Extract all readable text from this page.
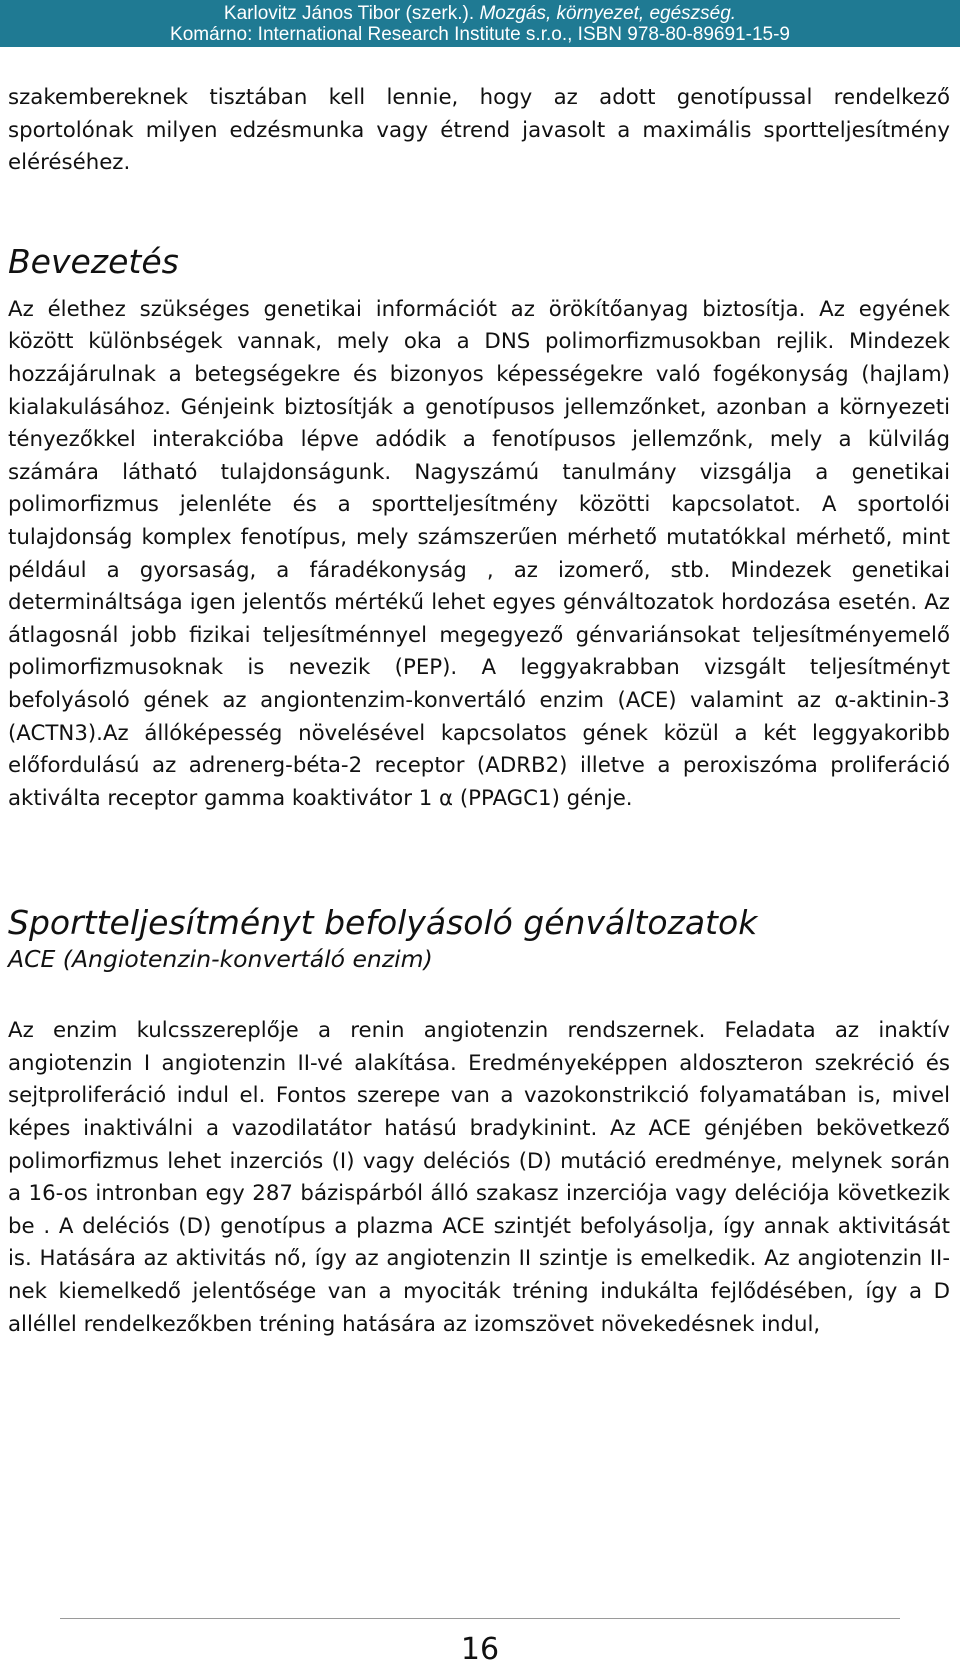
Karlovitz János Tibor (szerk.). Mozgás, környezet, egészség.
Komárno: International Research Institute s.r.o., ISBN 978-80-89691-15-9

szakembereknek tisztában kell lennie, hogy az adott genotípussal rendelkező sportolónak milyen edzésmunka vagy étrend javasolt a maximális sportteljesítmény eléréséhez.

Bevezetés

Az élethez szükséges genetikai információt az örökítőanyag biztosítja. Az egyének között különbségek vannak, mely oka a DNS polimorfizmusokban rejlik. Mindezek hozzájárulnak a betegségekre és bizonyos képességekre való fogékonyság (hajlam) kialakulásához. Génjeink biztosítják a genotípusos jellemzőnket, azonban a környezeti tényezőkkel interakcióba lépve adódik a fenotípusos jellemzőnk, mely a külvilág számára látható tulajdonságunk. Nagyszámú tanulmány vizsgálja a genetikai polimorfizmus jelenléte és a sportteljesítmény közötti kapcsolatot. A sportolói tulajdonság komplex fenotípus, mely számszerűen mérhető mutatókkal mérhető, mint például a gyorsaság, a fáradékonyság , az izomerő, stb. Mindezek genetikai determináltsága igen jelentős mértékű lehet egyes génváltozatok hordozása esetén. Az átlagosnál jobb fizikai teljesítménnyel megegyező génvariánsokat teljesítményemelő polimorfizmusoknak is nevezik (PEP). A leggyakrabban vizsgált teljesítményt befolyásoló gének az angiontenzim-konvertáló enzim (ACE) valamint az α-aktinin-3 (ACTN3).Az állóképesség növelésével kapcsolatos gének közül a két leggyakoribb előfordulású az adrenerg-béta-2 receptor (ADRB2) illetve a peroxiszóma proliferáció aktiválta receptor gamma koaktivátor 1 α (PPAGC1) génje.

Sportteljesítményt befolyásoló génváltozatok
ACE (Angiotenzin-konvertáló enzim)

Az enzim kulcsszereplője a renin angiotenzin rendszernek. Feladata az inaktív angiotenzin I angiotenzin II-vé alakítása. Eredményeképpen aldoszteron szekréció és sejtproliferáció indul el. Fontos szerepe van a vazokonstrikció folyamatában is, mivel képes inaktiválni a vazodilatátor hatású bradykinint. Az ACE génjében bekövetkező polimorfizmus lehet inzerciós (I) vagy deléciós (D) mutáció eredménye, melynek során a 16-os intronban egy 287 bázispárból álló szakasz inzerciója vagy deléciója következik be . A deléciós (D) genotípus a plazma ACE szintjét befolyásolja, így annak aktivitását is. Hatására az aktivitás nő, így az angiotenzin II szintje is emelkedik. Az angiotenzin II-nek kiemelkedő jelentősége van a myociták tréning indukálta fejlődésében, így a D alléllel rendelkezőkben tréning hatására az izomszövet növekedésnek indul,

16
